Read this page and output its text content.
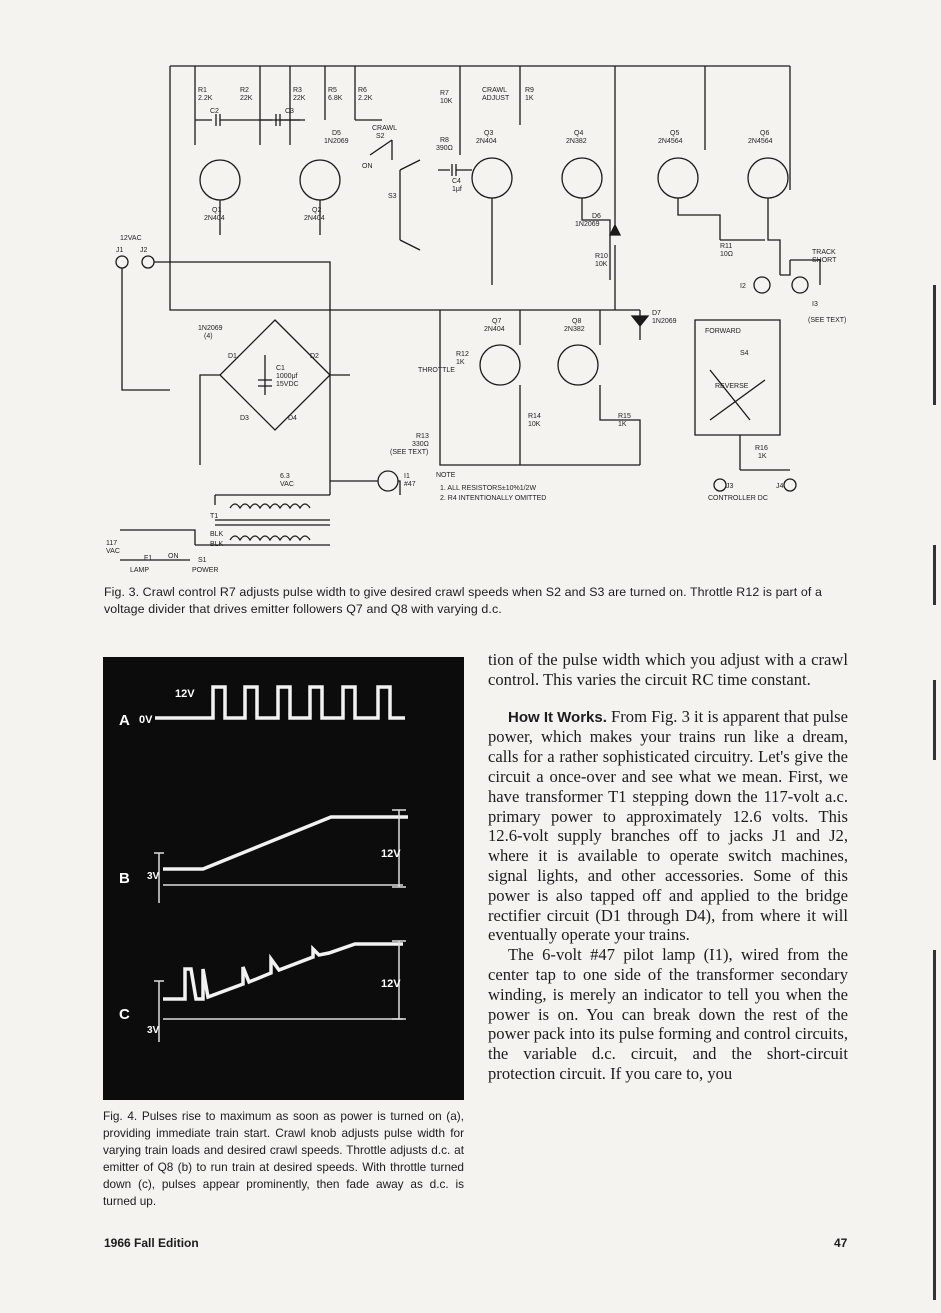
R1
2.2K
R2
22K
R3
22K
R5
6.8K
R6
2.2K
R7
10K
CRAWL
ADJUST
R9
1K
R8
390Ω
C2	C3
C4
1μf
D5
1N2069
CRAWL
S2
ON
S3
Q1
2N404
Q2
2N404
Q3
2N404
Q4
2N382
Q5
2N4564
Q6
2N4564
D6
1N2069
R10
10K
R11
10Ω	TRACK
SHORT
I2
I3
(SEE TEXT)
12VAC
J1 J2
1N2069
(4)
D1	D2
D3	D4
C1
1000μf
15VDC
Q7
2N404
Q8
2N382
R12
1K
THROTTLE
R13
330Ω
(SEE TEXT)
R14
10K
R15
1K
D7
1N2069
FORWARD
S4
REVERSE
R16
1K
J3	J4
CONTROLLER DC
6.3
VAC
I1
#47
NOTE
1. ALL RESISTORS±10%1/2W
2. R4 INTENTIONALLY OMITTED
T1
BLK
BLK
117
VAC
F1
LAMP
ON
S1
POWER

Fig. 3. Crawl control R7 adjusts pulse width to give desired crawl speeds when S2 and S3 are turned on. Throttle R12 is part of a voltage divider that drives emitter followers Q7 and Q8 with varying d.c.

A
B
C
12V
0V
12V
3V
12V
3V

Fig. 4. Pulses rise to maximum as soon as power is turned on (a), providing immediate train start. Crawl knob adjusts pulse width for varying train loads and desired crawl speeds. Throttle adjusts d.c. at emitter of Q8 (b) to run train at desired speeds. With throttle turned down (c), pulses appear prominently, then fade away as d.c. is turned up.

tion of the pulse width which you adjust with a crawl control. This varies the circuit RC time constant.

How It Works. From Fig. 3 it is apparent that pulse power, which makes your trains run like a dream, calls for a rather sophisticated circuitry. Let's give the circuit a once-over and see what we mean. First, we have transformer T1 stepping down the 117-volt a.c. primary power to approximately 12.6 volts. This 12.6-volt supply branches off to jacks J1 and J2, where it is available to operate switch machines, signal lights, and other accessories. Some of this power is also tapped off and applied to the bridge rectifier circuit (D1 through D4), from where it will eventually operate your trains.

The 6-volt #47 pilot lamp (I1), wired from the center tap to one side of the transformer secondary winding, is merely an indicator to tell you when the power is on. You can break down the rest of the power pack into its pulse forming and control circuits, the variable d.c. circuit, and the short-circuit protection circuit. If you care to, you

1966 Fall Edition	47
